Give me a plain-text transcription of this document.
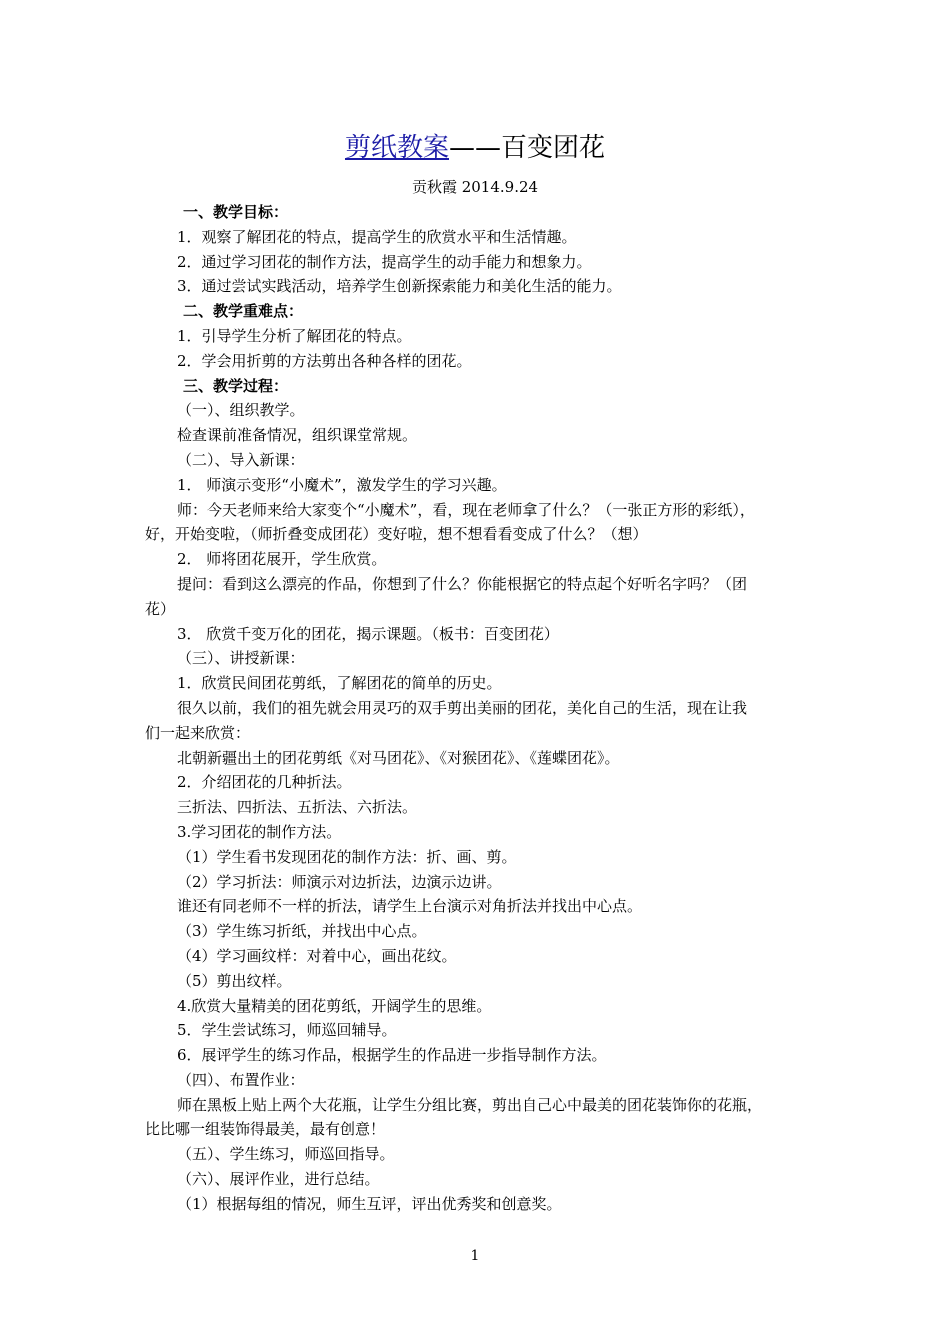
剪纸教案——百变团花
贡秋霞 2014.9.24
一、教学目标：
1．观察了解团花的特点，提高学生的欣赏水平和生活情趣。
2．通过学习团花的制作方法，提高学生的动手能力和想象力。
3．通过尝试实践活动，培养学生创新探索能力和美化生活的能力。
二、教学重难点：
1．引导学生分析了解团花的特点。
2．学会用折剪的方法剪出各种各样的团花。
三、教学过程：
（一）、组织教学。
检查课前准备情况，组织课堂常规。
（二）、导入新课：
1． 师演示变形“小魔术”，激发学生的学习兴趣。
师：今天老师来给大家变个“小魔术”，看，现在老师拿了什么？（一张正方形的彩纸），
好，开始变啦，（师折叠变成团花）变好啦，想不想看看变成了什么？（想）
2． 师将团花展开，学生欣赏。
提问：看到这么漂亮的作品，你想到了什么？你能根据它的特点起个好听名字吗？（团
花）
3． 欣赏千变万化的团花，揭示课题。（板书：百变团花）
（三）、讲授新课：
1．欣赏民间团花剪纸，了解团花的简单的历史。
很久以前，我们的祖先就会用灵巧的双手剪出美丽的团花，美化自己的生活，现在让我
们一起来欣赏：
北朝新疆出土的团花剪纸《对马团花》、《对猴团花》、《莲蝶团花》。
2．介绍团花的几种折法。
三折法、四折法、五折法、六折法。
3.学习团花的制作方法。
（1）学生看书发现团花的制作方法：折、画、剪。
（2）学习折法：师演示对边折法，边演示边讲。
谁还有同老师不一样的折法，请学生上台演示对角折法并找出中心点。
（3）学生练习折纸，并找出中心点。
（4）学习画纹样：对着中心，画出花纹。
（5）剪出纹样。
4.欣赏大量精美的团花剪纸，开阔学生的思维。
5．学生尝试练习，师巡回辅导。
6．展评学生的练习作品，根据学生的作品进一步指导制作方法。
（四）、布置作业：
师在黑板上贴上两个大花瓶，让学生分组比赛，剪出自己心中最美的团花装饰你的花瓶，
比比哪一组装饰得最美，最有创意！
（五）、学生练习，师巡回指导。
（六）、展评作业，进行总结。
（1）根据每组的情况，师生互评，评出优秀奖和创意奖。
1
